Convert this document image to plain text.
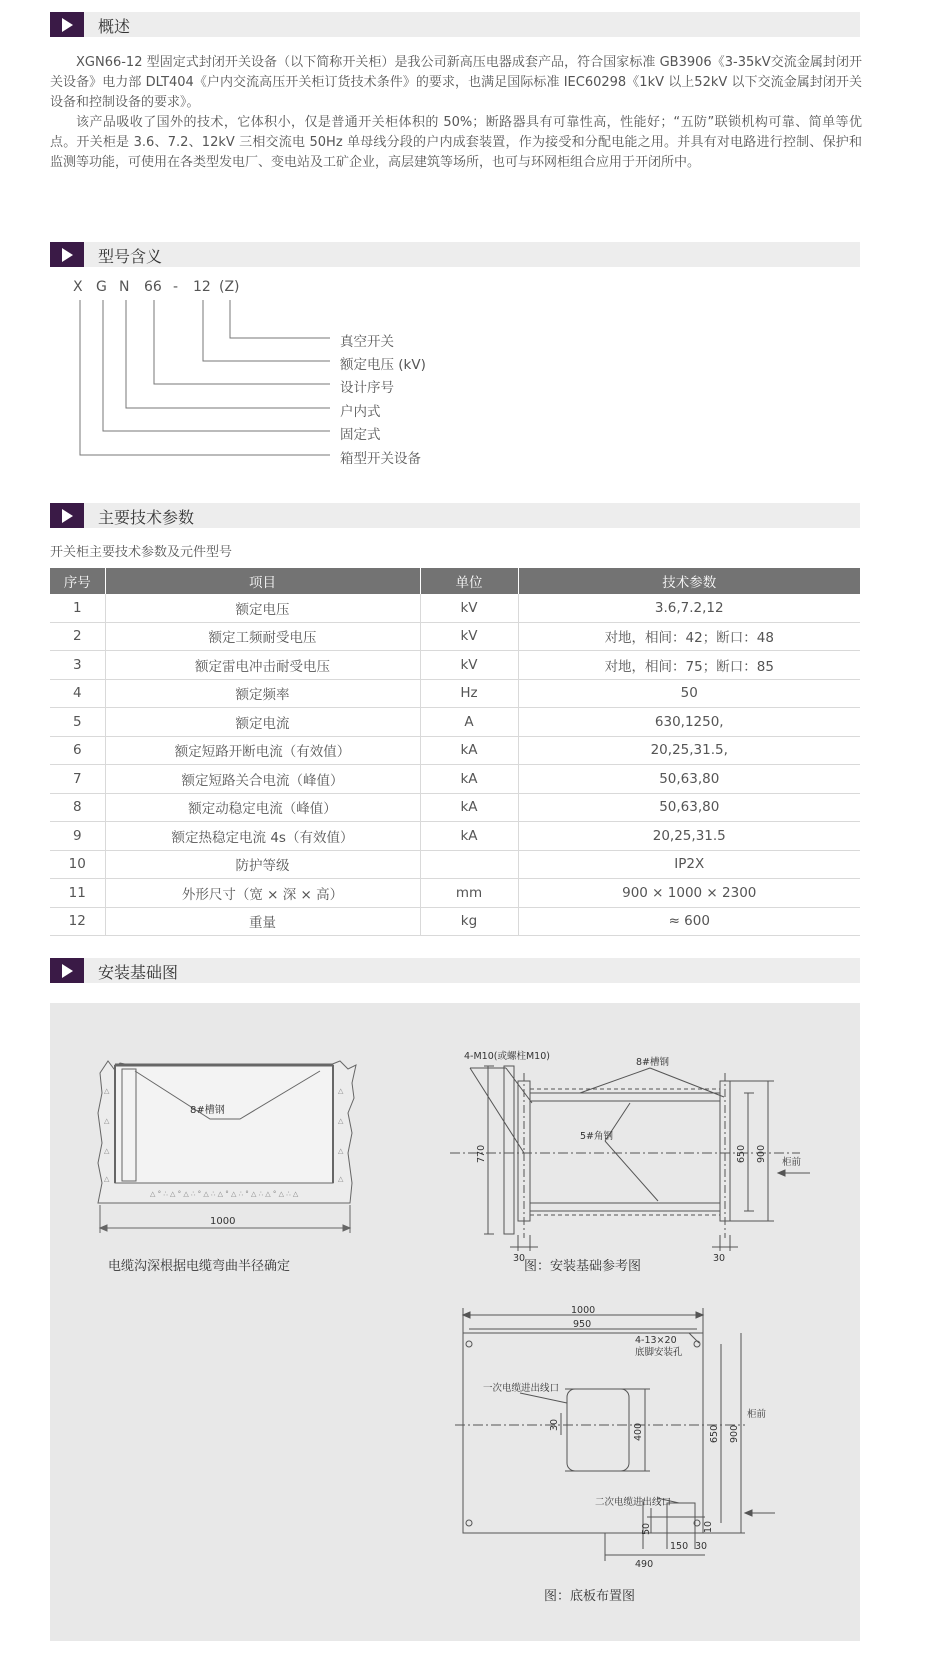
概述

XGN66-12 型固定式封闭开关设备（以下简称开关柜）是我公司新高压电器成套产品，符合国家标准 GB3906《3-35kV交流金属封闭开关设备》电力部 DLT404《户内交流高压开关柜订货技术条件》的要求，也满足国际标准 IEC60298《1kV 以上52kV 以下交流金属封闭开关设备和控制设备的要求》。

该产品吸收了国外的技术，它体积小，仅是普通开关柜体积的 50%；断路器具有可靠性高，性能好；“五防”联锁机构可靠、简单等优点。开关柜是 3.6、7.2、12kV 三相交流电 50Hz 单母线分段的户内成套装置，作为接受和分配电能之用。并具有对电路进行控制、保护和监测等功能，可使用在各类型发电厂、变电站及工矿企业，高层建筑等场所，也可与环网柜组合应用于开闭所中。

型号含义
X G N 66 - 12 (Z)
真空开关
额定电压 (kV)
设计序号
户内式
固定式
箱型开关设备
主要技术参数
开关柜主要技术参数及元件型号
序号	项目	单位	技术参数
1	额定电压	kV	3.6,7.2,12
2	额定工频耐受电压	kV	对地，相间：42；断口：48
3	额定雷电冲击耐受电压	kV	对地，相间：75；断口：85
4	额定频率	Hz	50
5	额定电流	A	630,1250,
6	额定短路开断电流（有效值）	kA	20,25,31.5,
7	额定短路关合电流（峰值）	kA	50,63,80
8	额定动稳定电流（峰值）	kA	50,63,80
9	额定热稳定电流 4s（有效值）	kA	20,25,31.5
10	防护等级		IP2X
11	外形尺寸（宽 × 深 × 高）	mm	900 × 1000 × 2300
12	重量	kg	≈ 600
安装基础图
△
△
△
△
△
△
△
△
△ ° ∴ △ ° △ ∴ ° △ ∴ △ ° △ ∴ ° △ ∴ △ ° △ ∴ △
8#槽钢
1000
电缆沟深根据电缆弯曲半径确定
4-M10(或螺柱M10)
8#槽钢
5#角钢
770	650 900 柜前
30	30
图：安装基础参考图
1000
950
4-13×20
底脚安装孔
一次电缆进出线口
二次电缆进出线口
30	400	650 900
柜前
50	10
150 30
490
图：底板布置图
